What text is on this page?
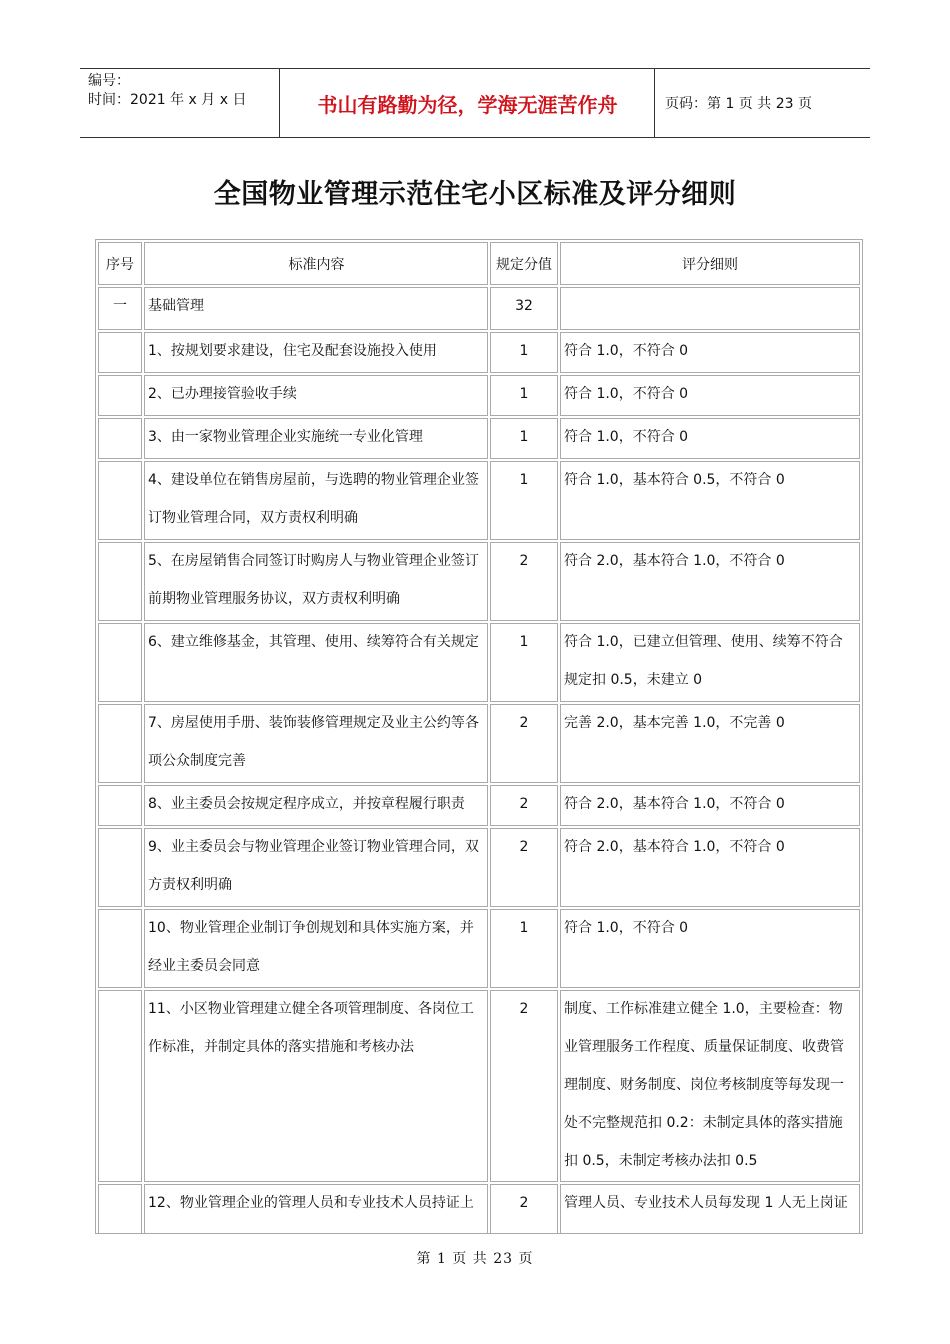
编号：
时间：2021 年 x 月 x 日	书山有路勤为径，学海无涯苦作舟	页码：第 1 页 共 23 页
全国物业管理示范住宅小区标准及评分细则
序号	标准内容	规定分值	评分细则

一	基础管理	32	

	1、按规划要求建设，住宅及配套设施投入使用	1	符合 1.0，不符合 0

	2、已办理接管验收手续	1	符合 1.0，不符合 0

	3、由一家物业管理企业实施统一专业化管理	1	符合 1.0，不符合 0

	4、建设单位在销售房屋前，与选聘的物业管理企业签订物业管理合同，双方责权利明确	1	符合 1.0，基本符合 0.5，不符合 0

	5、在房屋销售合同签订时购房人与物业管理企业签订前期物业管理服务协议，双方责权利明确	2	符合 2.0，基本符合 1.0，不符合 0

	6、建立维修基金，其管理、使用、续筹符合有关规定	1	符合 1.0，已建立但管理、使用、续筹不符合规定扣 0.5，未建立 0

	7、房屋使用手册、装饰装修管理规定及业主公约等各项公众制度完善	2	完善 2.0，基本完善 1.0，不完善 0

	8、业主委员会按规定程序成立，并按章程履行职责	2	符合 2.0，基本符合 1.0，不符合 0

	9、业主委员会与物业管理企业签订物业管理合同，双方责权利明确	2	符合 2.0，基本符合 1.0，不符合 0

	10、物业管理企业制订争创规划和具体实施方案，并经业主委员会同意	1	符合 1.0，不符合 0

	11、小区物业管理建立健全各项管理制度、各岗位工作标准，并制定具体的落实措施和考核办法	2	制度、工作标准建立健全 1.0，主要检查：物业管理服务工作程度、质量保证制度、收费管理制度、财务制度、岗位考核制度等每发现一处不完整规范扣 0.2：未制定具体的落实措施扣 0.5，未制定考核办法扣 0.5

	12、物业管理企业的管理人员和专业技术人员持证上	2	管理人员、专业技术人员每发现 1 人无上岗证
第 1 页 共 23 页
